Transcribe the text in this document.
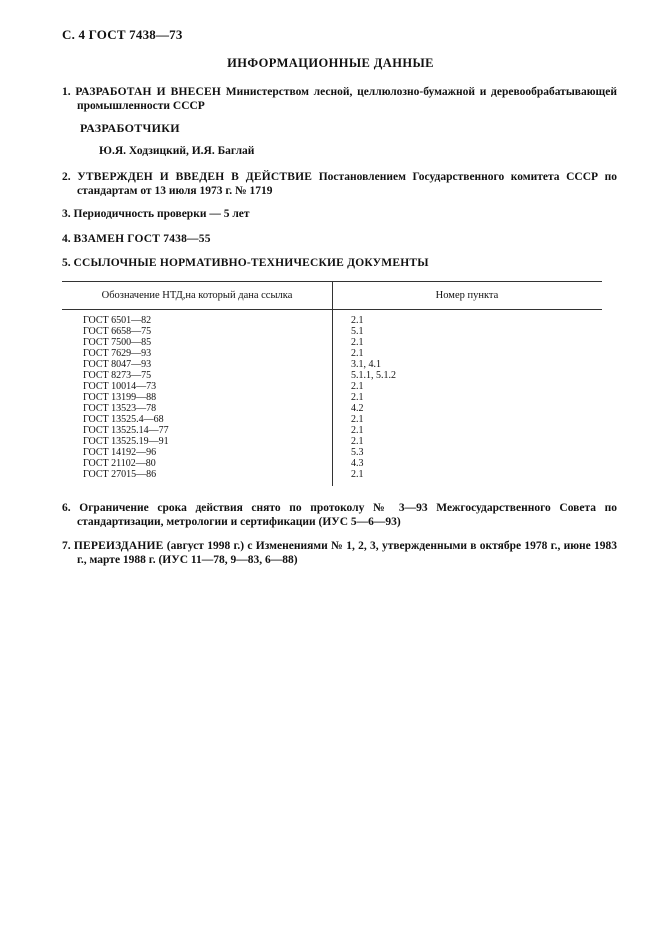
С. 4 ГОСТ 7438—73
ИНФОРМАЦИОННЫЕ ДАННЫЕ
1. РАЗРАБОТАН И ВНЕСЕН Министерством лесной, целлюлозно-бумажной и деревообрабатывающей промышленности СССР
РАЗРАБОТЧИКИ
Ю.Я. Ходзицкий, И.Я. Баглай
2. УТВЕРЖДЕН И ВВЕДЕН В ДЕЙСТВИЕ Постановлением Государственного комитета СССР по стандартам от 13 июля 1973 г. № 1719
3. Периодичность проверки — 5 лет
4. ВЗАМЕН ГОСТ 7438—55
5. ССЫЛОЧНЫЕ НОРМАТИВНО-ТЕХНИЧЕСКИЕ ДОКУМЕНТЫ
Обозначение НТД,на который дана ссылка	Номер пункта
ГОСТ 6501—82	2.1
ГОСТ 6658—75	5.1
ГОСТ 7500—85	2.1
ГОСТ 7629—93	2.1
ГОСТ 8047—93	3.1, 4.1
ГОСТ 8273—75	5.1.1, 5.1.2
ГОСТ 10014—73	2.1
ГОСТ 13199—88	2.1
ГОСТ 13523—78	4.2
ГОСТ 13525.4—68	2.1
ГОСТ 13525.14—77	2.1
ГОСТ 13525.19—91	2.1
ГОСТ 14192—96	5.3
ГОСТ 21102—80	4.3
ГОСТ 27015—86	2.1
6. Ограничение срока действия снято по протоколу № 3—93 Межгосударственного Совета по стандартизации, метрологии и сертификации (ИУС 5—6—93)
7. ПЕРЕИЗДАНИЕ (август 1998 г.) с Изменениями № 1, 2, 3, утвержденными в октябре 1978 г., июне 1983 г., марте 1988 г. (ИУС 11—78, 9—83, 6—88)
